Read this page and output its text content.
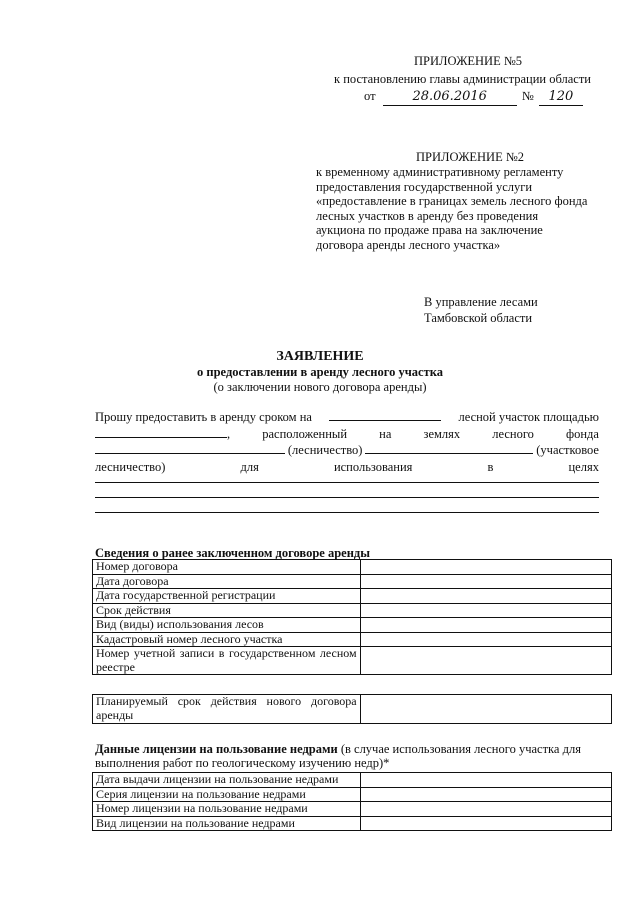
ПРИЛОЖЕНИЕ №5
к постановлению главы администрации области
от	28.06.2016	№ 120
ПРИЛОЖЕНИЕ №2
к временному административному регламенту
предоставления государственной услуги
«предоставление в границах земель лесного фонда
лесных участков в аренду без проведения
аукциона по продаже права на заключение
договора аренды лесного участка»
В управление лесами
Тамбовской области
ЗАЯВЛЕНИЕ
о предоставлении в аренду лесного участка
(о заключении нового договора аренды)
Прошу предоставить в аренду сроком на	лесной участок площадью
,	расположенный	на	землях	лесного	фонда
(лесничество)	(участковое
лесничество)	для	использования	в	целях
Сведения о ранее заключенном договоре аренды
Номер договора	
Дата договора	
Дата государственной регистрации	
Срок действия	
Вид (виды) использования лесов	
Кадастровый номер лесного участка	
Номер учетной записи в государственном лесном реестре	
Планируемый срок действия нового договора аренды	
Данные лицензии на пользование недрами (в случае использования лесного участка для выполнения работ по геологическому изучению недр)*
Дата выдачи лицензии на пользование недрами	
Серия лицензии на пользование недрами	
Номер лицензии на пользование недрами	
Вид лицензии на пользование недрами	
